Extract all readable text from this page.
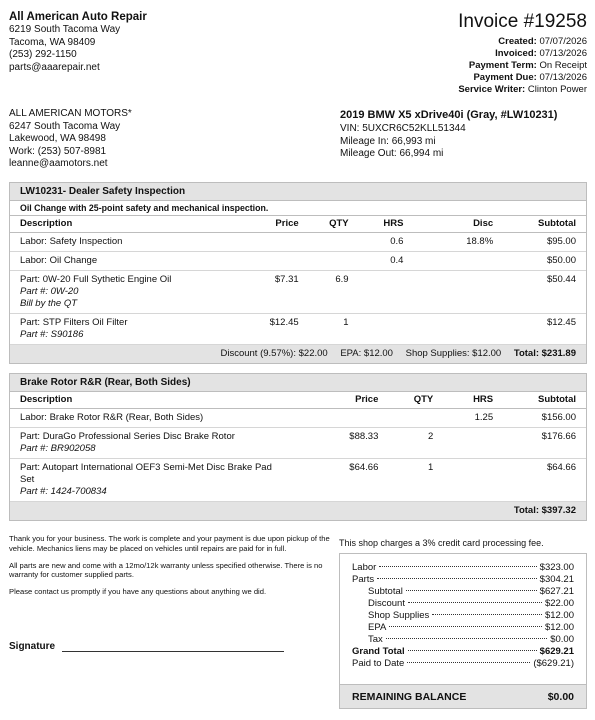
All American Auto Repair
6219 South Tacoma Way
Tacoma, WA 98409
(253) 292-1150
parts@aaarepair.net
Invoice #19258
Created: 07/07/2026
Invoiced: 07/13/2026
Payment Term: On Receipt
Payment Due: 07/13/2026
Service Writer: Clinton Power
ALL AMERICAN MOTORS*
6247 South Tacoma Way
Lakewood, WA 98498
Work: (253) 507-8981
leanne@aamotors.net
2019 BMW X5 xDrive40i (Gray, #LW10231)
VIN: 5UXCR6C52KLL51344
Mileage In: 66,993 mi
Mileage Out: 66,994 mi
LW10231- Dealer Safety Inspection
Oil Change with 25-point safety and mechanical inspection.
Description	Price	QTY	HRS	Disc	Subtotal
Labor: Safety Inspection			0.6	18.8%	$95.00
Labor: Oil Change			0.4		$50.00

Part: 0W-20 Full Sythetic Engine Oil
Part #: 0W-20
Bill by the QT	$7.31	6.9			$50.44

Part: STP Filters Oil Filter
Part #: S90186	$12.45	1			$12.45
Discount (9.57%): $22.00 EPA: $12.00 Shop Supplies: $12.00 Total: $231.89
Brake Rotor R&R (Rear, Both Sides)
Description	Price	QTY	HRS	Subtotal
Labor: Brake Rotor R&R (Rear, Both Sides)			1.25	$156.00

Part: DuraGo Professional Series Disc Brake Rotor
Part #: BR902058	$88.33	2		$176.66

Part: Autopart International OEF3 Semi-Met Disc Brake Pad Set
Part #: 1424-700834	$64.66	1		$64.66
Total: $397.32

Thank you for your business. The work is complete and your payment is due upon pickup of the vehicle. Mechanics liens may be placed on vehicles until repairs are paid for in full.

All parts are new and come with a 12mo/12k warranty unless specified otherwise. There is no warranty for customer supplied parts.

Please contact us promptly if you have any questions about anything we did.

Signature
This shop charges a 3% credit card processing fee.
Labor	$323.00
Parts	$304.21
Subtotal	$627.21
Discount	$22.00
Shop Supplies	$12.00
EPA	$12.00
Tax	$0.00
Grand Total	$629.21
Paid to Date	($629.21)
REMAINING BALANCE	$0.00
